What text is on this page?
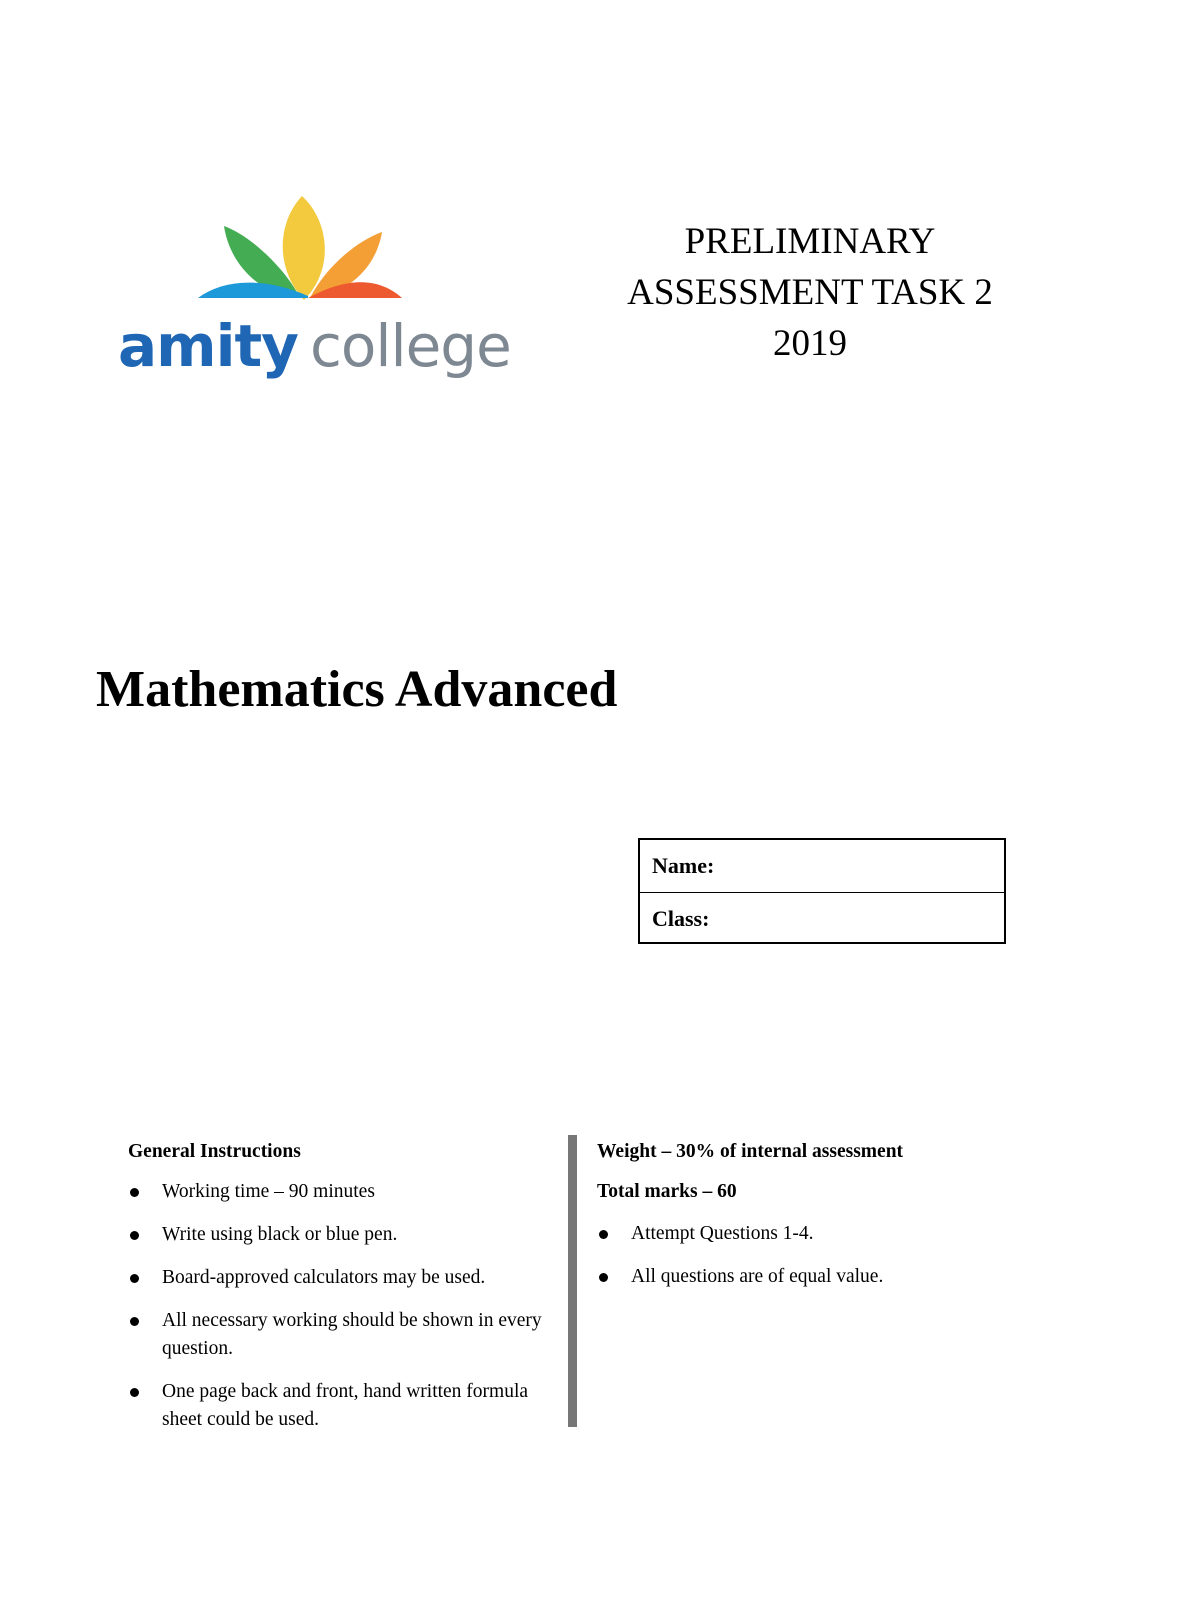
amity college
PRELIMINARY
ASSESSMENT TASK 2
2019
Mathematics Advanced
Name:
Class:
General Instructions
Working time – 90 minutes
Write using black or blue pen.
Board-approved calculators may be used.
All necessary working should be shown in every question.
One page back and front, hand written formula sheet could be used.
Weight – 30% of internal assessment
Total marks – 60
Attempt Questions 1-4.
All questions are of equal value.
